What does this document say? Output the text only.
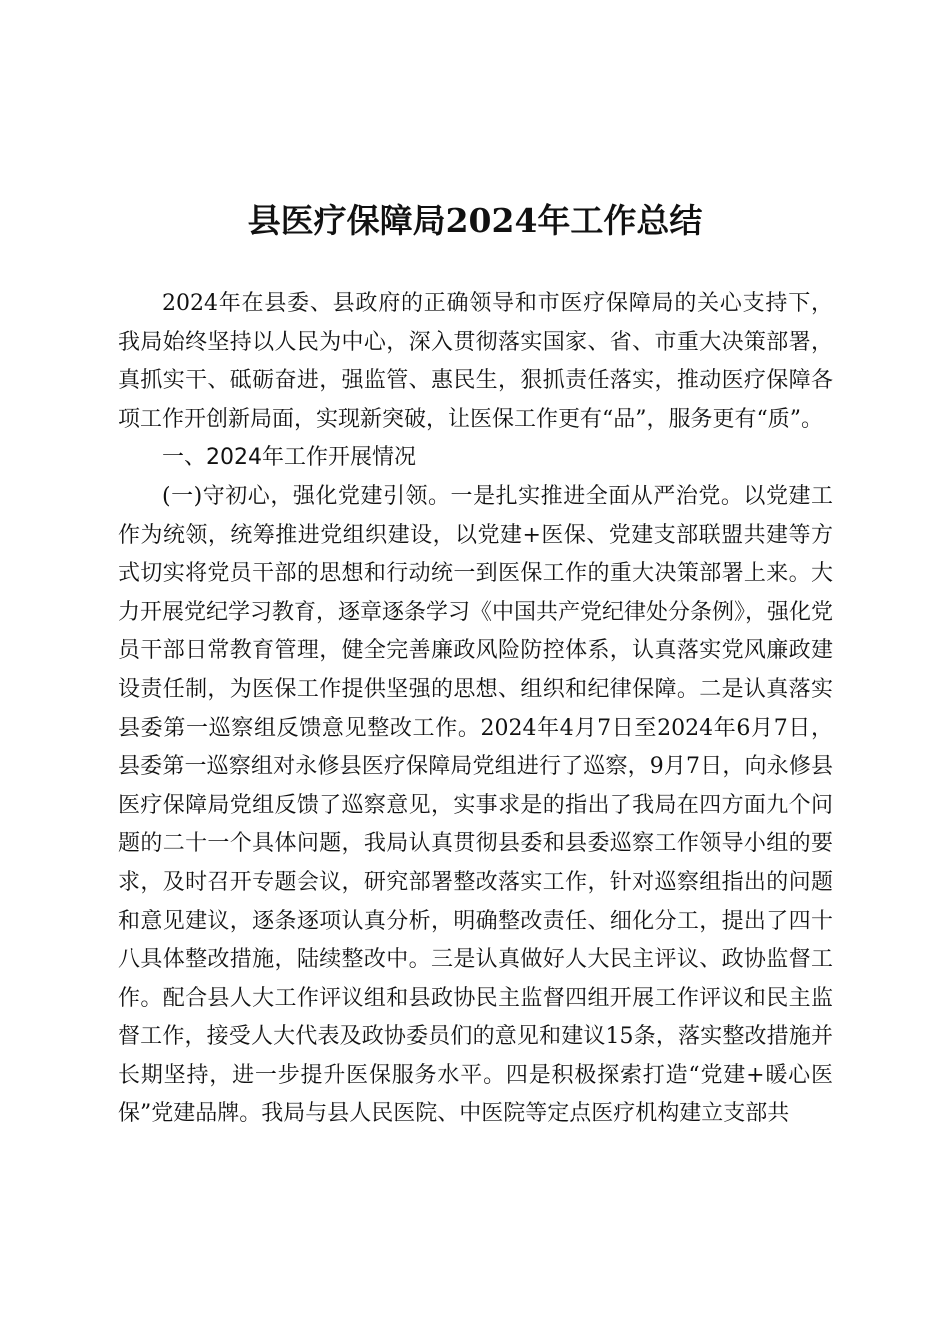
县医疗保障局2024年工作总结

2024年在县委、县政府的正确领导和市医疗保障局的关心支持下，我局始终坚持以人民为中心，深入贯彻落实国家、省、市重大决策部署，真抓实干、砥砺奋进，强监管、惠民生，狠抓责任落实，推动医疗保障各项工作开创新局面，实现新突破，让医保工作更有“品”，服务更有“质”。

一、2024年工作开展情况

(一)守初心，强化党建引领。一是扎实推进全面从严治党。以党建工作为统领，统筹推进党组织建设，以党建+医保、党建支部联盟共建等方式切实将党员干部的思想和行动统一到医保工作的重大决策部署上来。大力开展党纪学习教育，逐章逐条学习《中国共产党纪律处分条例》，强化党员干部日常教育管理，健全完善廉政风险防控体系，认真落实党风廉政建设责任制，为医保工作提供坚强的思想、组织和纪律保障。二是认真落实县委第一巡察组反馈意见整改工作。2024年4月7日至2024年6月7日，县委第一巡察组对永修县医疗保障局党组进行了巡察，9月7日，向永修县医疗保障局党组反馈了巡察意见，实事求是的指出了我局在四方面九个问题的二十一个具体问题，我局认真贯彻县委和县委巡察工作领导小组的要求，及时召开专题会议，研究部署整改落实工作，针对巡察组指出的问题和意见建议，逐条逐项认真分析，明确整改责任、细化分工，提出了四十八具体整改措施，陆续整改中。三是认真做好人大民主评议、政协监督工作。配合县人大工作评议组和县政协民主监督四组开展工作评议和民主监督工作，接受人大代表及政协委员们的意见和建议15条，落实整改措施并长期坚持，进一步提升医保服务水平。四是积极探索打造“党建+暖心医保”党建品牌。我局与县人民医院、中医院等定点医疗机构建立支部共
